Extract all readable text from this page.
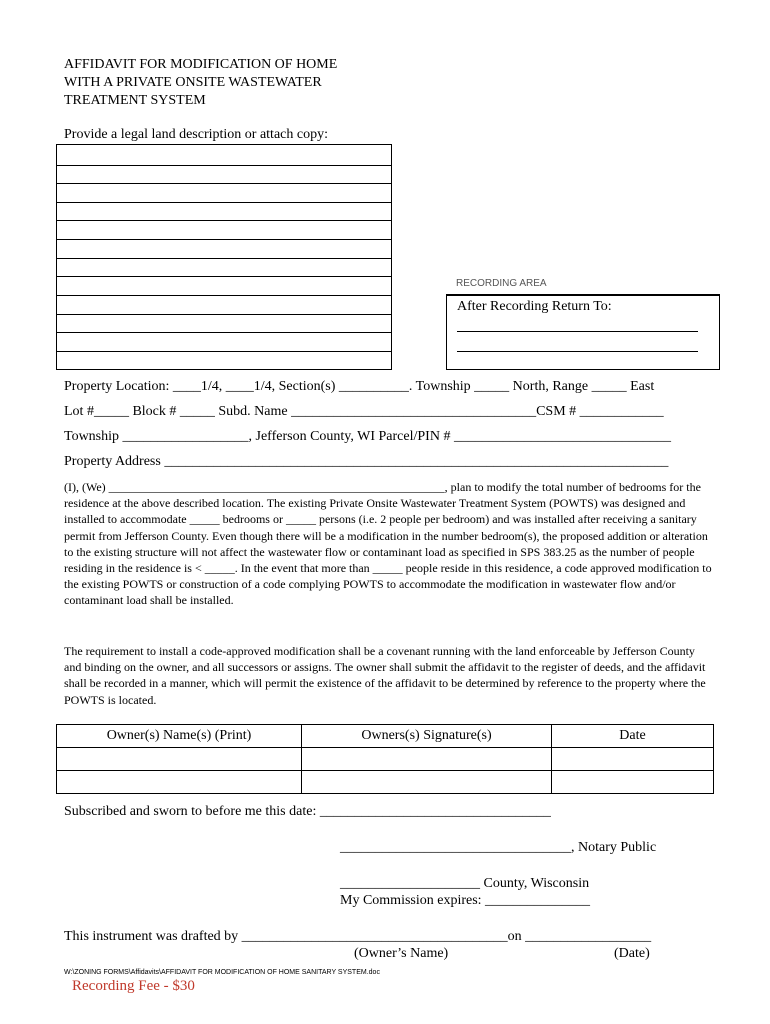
AFFIDAVIT FOR MODIFICATION OF HOME
WITH A PRIVATE ONSITE WASTEWATER
TREATMENT SYSTEM
Provide a legal land description or attach copy:
RECORDING AREA
After Recording Return To:
Property Location: ____1/4, ____1/4, Section(s) __________. Township _____ North, Range _____ East
Lot #_____ Block # _____ Subd. Name ___________________________________CSM # ____________
Township __________________, Jefferson County, WI Parcel/PIN # _______________________________
Property Address ________________________________________________________________________

(I), (We) ________________________________________________________, plan to modify the total number of bedrooms for the residence at the above described location. The existing Private Onsite Wastewater Treatment System (POWTS) was designed and installed to accommodate _____ bedrooms or _____ persons (i.e. 2 people per bedroom) and was installed after receiving a sanitary permit from Jefferson County. Even though there will be a modification in the number bedroom(s), the proposed addition or alteration to the existing structure will not affect the wastewater flow or contaminant load as specified in SPS 383.25 as the number of people residing in the residence is < _____. In the event that more than _____ people reside in this residence, a code approved modification to the existing POWTS or construction of a code complying POWTS to accommodate the modification in wastewater flow and/or contaminant load shall be installed.

The requirement to install a code-approved modification shall be a covenant running with the land enforceable by Jefferson County and binding on the owner, and all successors or assigns. The owner shall submit the affidavit to the register of deeds, and the affidavit shall be recorded in a manner, which will permit the existence of the affidavit to be determined by reference to the property where the POWTS is located.

Owner(s) Name(s) (Print)	Owners(s) Signature(s)	Date

Subscribed and sworn to before me this date: _________________________________
_________________________________, Notary Public
____________________ County, Wisconsin
My Commission expires: _______________
This instrument was drafted by ______________________________________on __________________
(Owner’s Name)	(Date)
W:\ZONING FORMS\Affidavits\AFFIDAVIT FOR MODIFICATION OF HOME SANITARY SYSTEM.doc
Recording Fee - $30
